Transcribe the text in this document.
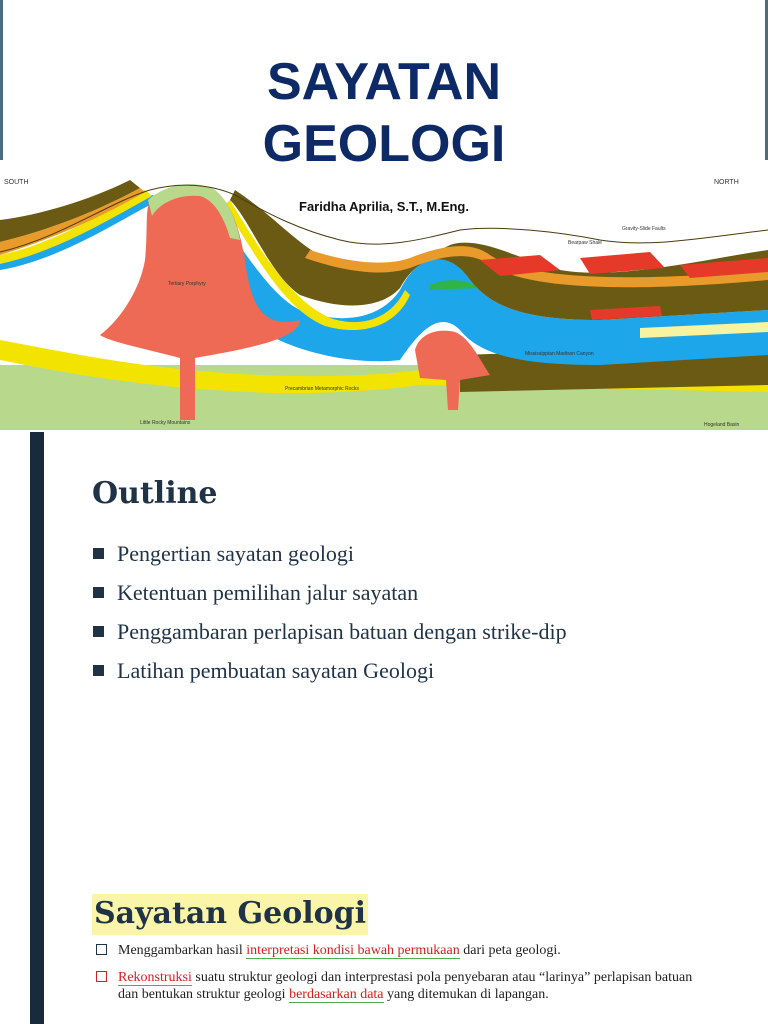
SOUTH	NORTH
Little Rocky Mountains	Hogeland Basin
Tertiary Porphyry
Precambrian Metamorphic Rocks
Mississippian Madison Canyon
Bearpaw Shale
Gravity-Slide Faults
SAYATAN
GEOLOGI
Faridha Aprilia, S.T., M.Eng.
Outline
Pengertian sayatan geologi
Ketentuan pemilihan jalur sayatan
Penggambaran perlapisan batuan dengan strike-dip
Latihan pembuatan sayatan Geologi
Sayatan Geologi
Menggambarkan hasil interpretasi kondisi bawah permukaan dari peta geologi.
Rekonstruksi suatu struktur geologi dan interprestasi pola penyebaran atau “larinya” perlapisan batuan dan bentukan struktur geologi berdasarkan data yang ditemukan di lapangan.
